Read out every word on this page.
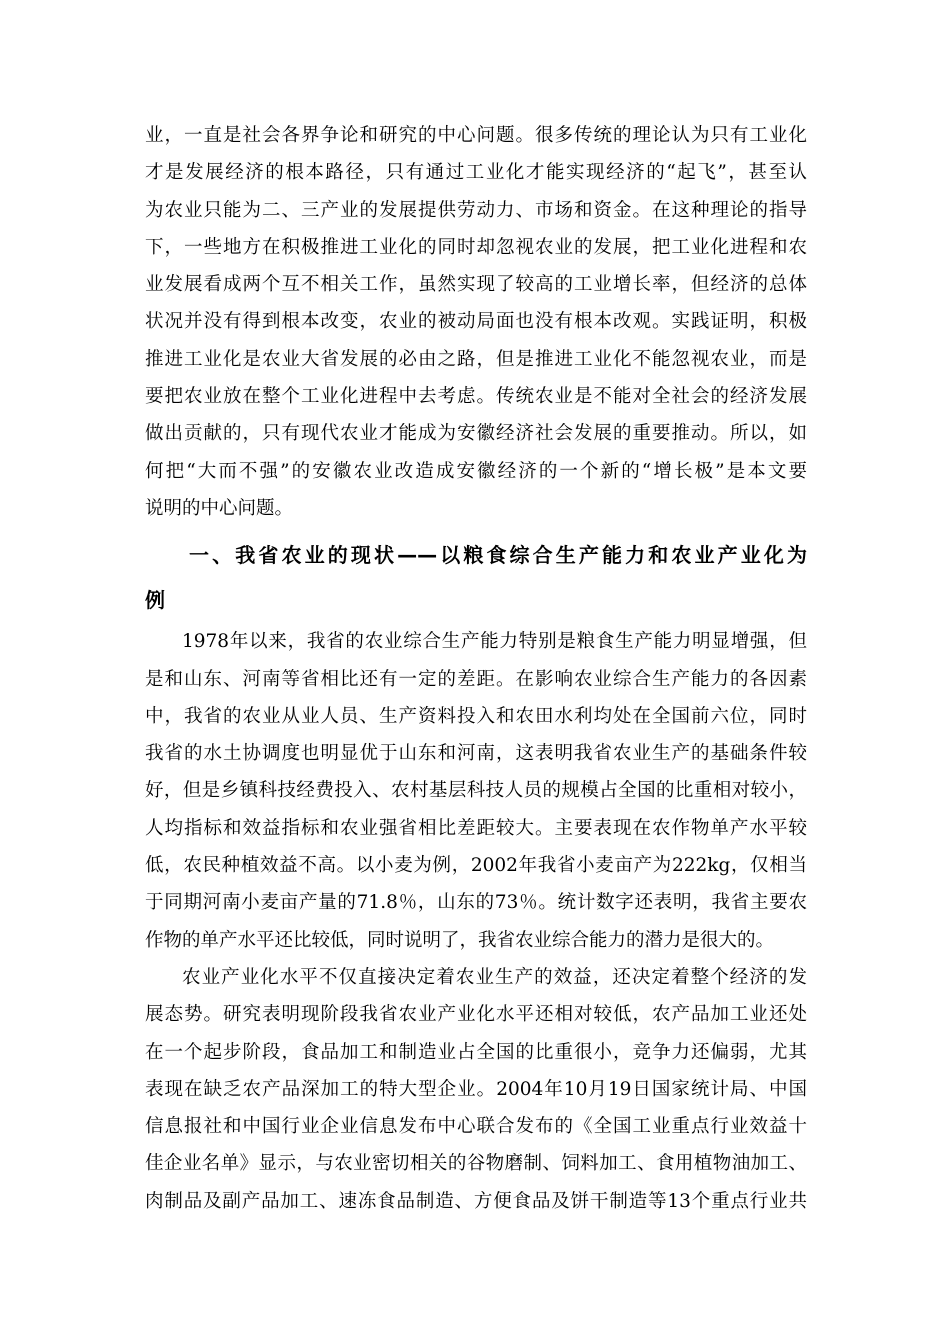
业，一直是社会各界争论和研究的中心问题。很多传统的理论认为只有工业化
才是发展经济的根本路径，只有通过工业化才能实现经济的“起飞”，甚至认
为农业只能为二、三产业的发展提供劳动力、市场和资金。在这种理论的指导
下，一些地方在积极推进工业化的同时却忽视农业的发展，把工业化进程和农
业发展看成两个互不相关工作，虽然实现了较高的工业增长率，但经济的总体
状况并没有得到根本改变，农业的被动局面也没有根本改观。实践证明，积极
推进工业化是农业大省发展的必由之路，但是推进工业化不能忽视农业，而是
要把农业放在整个工业化进程中去考虑。传统农业是不能对全社会的经济发展
做出贡献的，只有现代农业才能成为安徽经济社会发展的重要推动。所以，如
何把“大而不强”的安徽农业改造成安徽经济的一个新的“增长极”是本文要
说明的中心问题。
一、我省农业的现状——以粮食综合生产能力和农业产业化为
例
1978年以来，我省的农业综合生产能力特别是粮食生产能力明显增强，但
是和山东、河南等省相比还有一定的差距。在影响农业综合生产能力的各因素
中，我省的农业从业人员、生产资料投入和农田水利均处在全国前六位，同时
我省的水土协调度也明显优于山东和河南，这表明我省农业生产的基础条件较
好，但是乡镇科技经费投入、农村基层科技人员的规模占全国的比重相对较小，
人均指标和效益指标和农业强省相比差距较大。主要表现在农作物单产水平较
低，农民种植效益不高。以小麦为例，2002年我省小麦亩产为222kg，仅相当
于同期河南小麦亩产量的71.8％，山东的73％。统计数字还表明，我省主要农
作物的单产水平还比较低，同时说明了，我省农业综合能力的潜力是很大的。
农业产业化水平不仅直接决定着农业生产的效益，还决定着整个经济的发
展态势。研究表明现阶段我省农业产业化水平还相对较低，农产品加工业还处
在一个起步阶段，食品加工和制造业占全国的比重很小，竞争力还偏弱，尤其
表现在缺乏农产品深加工的特大型企业。2004年10月19日国家统计局、中国
信息报社和中国行业企业信息发布中心联合发布的《全国工业重点行业效益十
佳企业名单》显示，与农业密切相关的谷物磨制、饲料加工、食用植物油加工、
肉制品及副产品加工、速冻食品制造、方便食品及饼干制造等13个重点行业共
